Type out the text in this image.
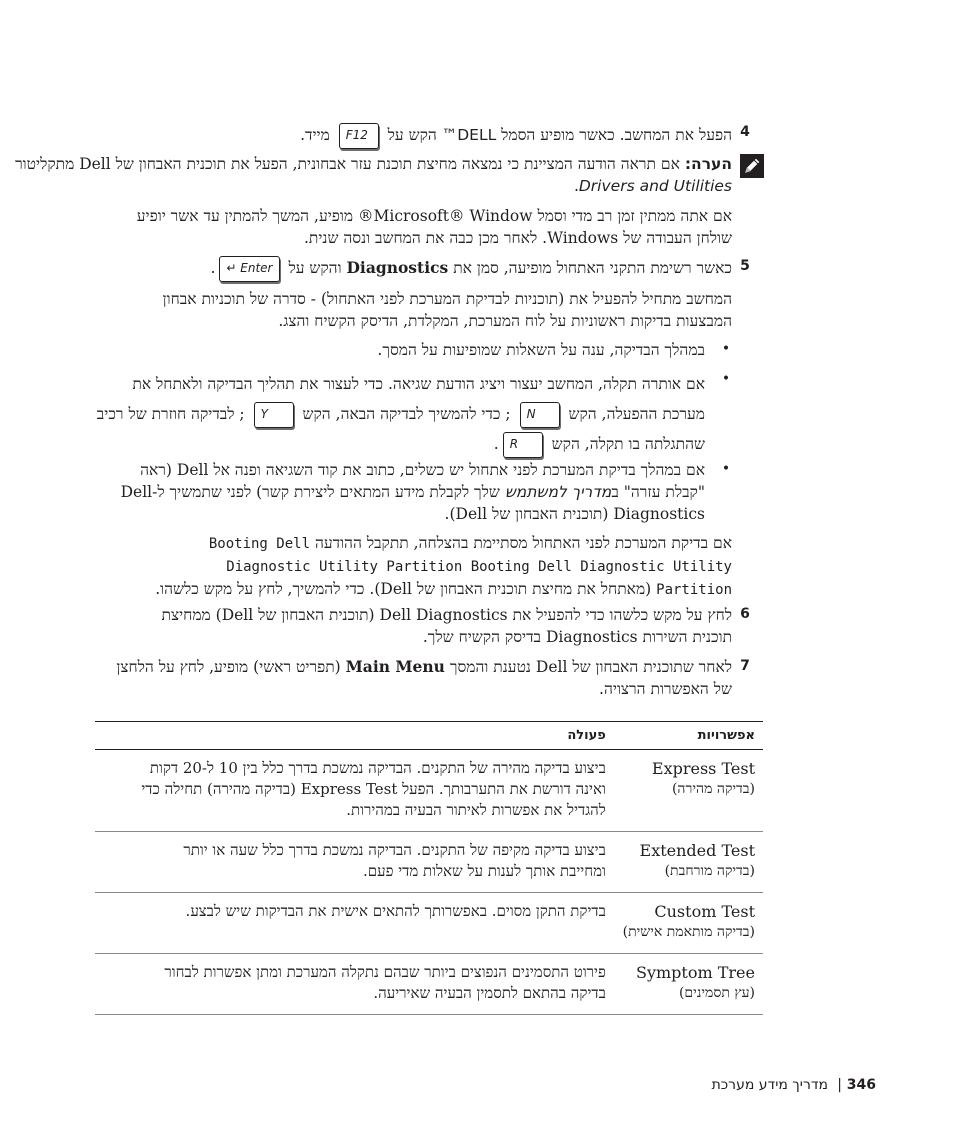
4
הפעל את המחשב. כאשר מופיע הסמל DELL™ הקש על F12 מייד.
הערה: אם תראה הודעה המציינת כי נמצאה מחיצת תוכנת עזר אבחונית, הפעל את תוכנית האבחון של Dell מתקליטור
Drivers and Utilities.
אם אתה ממתין זמן רב מדי וסמל Microsoft® Window® מופיע, המשך להמתין עד אשר יופיע
שולחן העבודה של Windows. לאחר מכן כבה את המחשב ונסה שנית.
5
כאשר רשימת התקני האתחול מופיעה, סמן את Diagnostics והקש על ↵ Enter.
המחשב מתחיל להפעיל את (תוכניות לבדיקת המערכת לפני האתחול) - סדרה של תוכניות אבחון
המבצעות בדיקות ראשוניות על לוח המערכת, המקלדת, הדיסק הקשיח והצג.
•
במהלך הבדיקה, ענה על השאלות שמופיעות על המסך.
•
אם אותרה תקלה, המחשב יעצור ויציג הודעת שגיאה. כדי לעצור את תהליך הבדיקה ולאתחל את
מערכת ההפעלה, הקש N ; כדי להמשיך לבדיקה הבאה, הקש Y ; לבדיקה חוזרת של רכיב
שהתגלתה בו תקלה, הקש R.
•
אם במהלך בדיקת המערכת לפני אתחול יש כשלים, כתוב את קוד השגיאה ופנה אל Dell (ראה
"קבלת עזרה" במדריך למשתמש שלך לקבלת מידע המתאים ליצירת קשר) לפני שתמשיך ל-Dell
Diagnostics (תוכנית האבחון של Dell).
אם בדיקת המערכת לפני האתחול מסתיימת בהצלחה, תתקבל ההודעה Booting Dell
Diagnostic Utility Partition Booting Dell Diagnostic Utility
Partition (מאתחל את מחיצת תוכנית האבחון של Dell). כדי להמשיך, לחץ על מקש כלשהו.
6
לחץ על מקש כלשהו כדי להפעיל את Dell Diagnostics (תוכנית האבחון של Dell) ממחיצת
תוכנית השירות Diagnostics בדיסק הקשיח שלך.
7
לאחר שתוכנית האבחון של Dell נטענת והמסך Main Menu (תפריט ראשי) מופיע, לחץ על הלחצן
של האפשרות הרצויה.
אפשרויות	פעולה

Express Test
(בדיקה מהירה)	ביצוע בדיקה מהירה של התקנים. הבדיקה נמשכת בדרך כלל בין 10 ל-20 דקות
ואינה דורשת את התערבותך. הפעל Express Test (בדיקה מהירה) תחילה כדי
להגדיל את אפשרות לאיתור הבעיה במהירות.

Extended Test
(בדיקה מורחבת)	ביצוע בדיקה מקיפה של התקנים. הבדיקה נמשכת בדרך כלל שעה או יותר
ומחייבת אותך לענות על שאלות מדי פעם.

Custom Test
(בדיקה מותאמת אישית)	בדיקת התקן מסוים. באפשרותך להתאים אישית את הבדיקות שיש לבצע.

Symptom Tree
(עץ תסמינים)	פירוט התסמינים הנפוצים ביותר שבהם נתקלה המערכת ומתן אפשרות לבחור
בדיקה בהתאם לתסמין הבעיה שאיריעה.
מדריך מידע מערכת | 346
